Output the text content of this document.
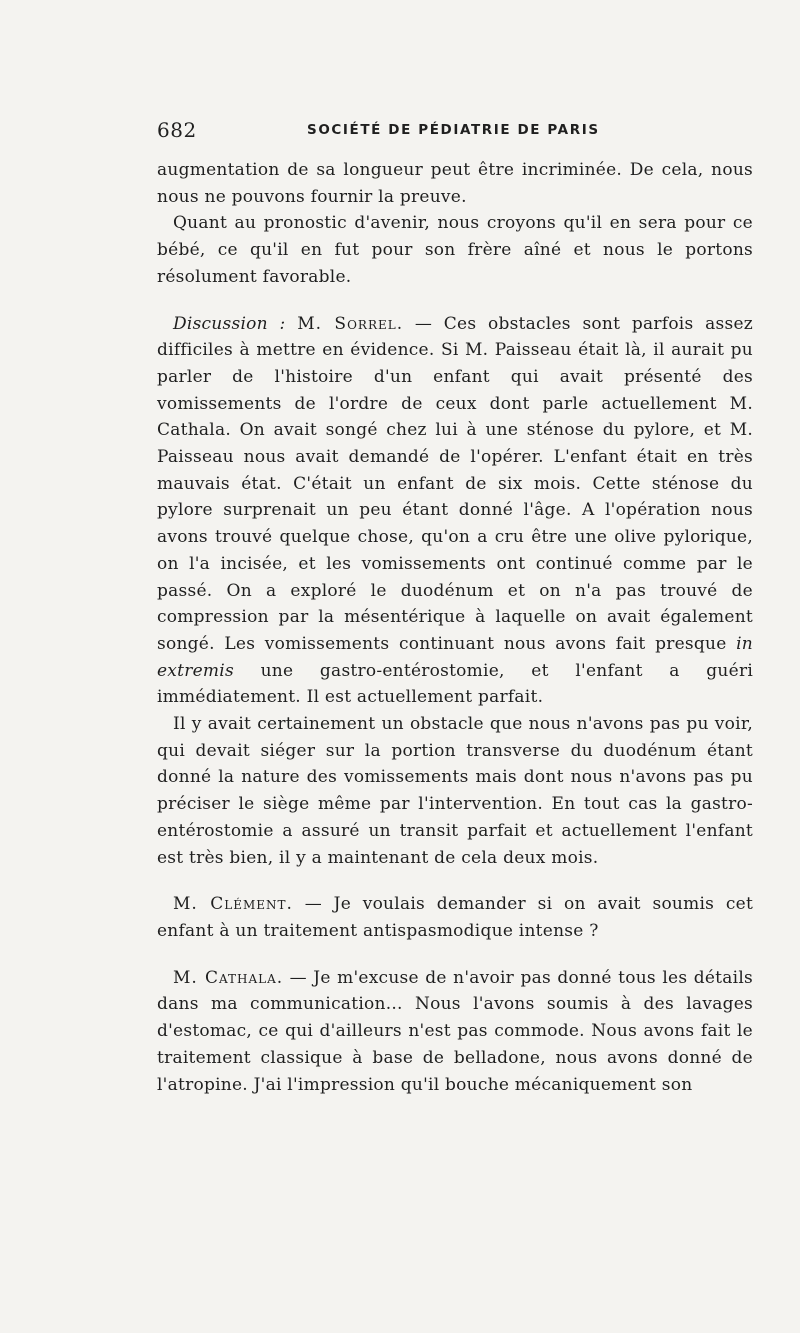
682	SOCIÉTÉ DE PÉDIATRIE DE PARIS

augmentation de sa longueur peut être incriminée. De cela, nous nous ne pouvons fournir la preuve.

Quant au pronostic d'avenir, nous croyons qu'il en sera pour ce bébé, ce qu'il en fut pour son frère aîné et nous le portons résolument favorable.

Discussion : M. Sorrel. — Ces obstacles sont parfois assez difficiles à mettre en évidence. Si M. Paisseau était là, il aurait pu parler de l'histoire d'un enfant qui avait présenté des vomissements de l'ordre de ceux dont parle actuellement M. Cathala. On avait songé chez lui à une sténose du pylore, et M. Paisseau nous avait demandé de l'opérer. L'enfant était en très mauvais état. C'était un enfant de six mois. Cette sténose du pylore surprenait un peu étant donné l'âge. A l'opération nous avons trouvé quelque chose, qu'on a cru être une olive pylorique, on l'a incisée, et les vomissements ont continué comme par le passé. On a exploré le duodénum et on n'a pas trouvé de compression par la mésentérique à laquelle on avait également songé. Les vomissements continuant nous avons fait presque in extremis une gastro-entérostomie, et l'enfant a guéri immédiatement. Il est actuellement parfait.

Il y avait certainement un obstacle que nous n'avons pas pu voir, qui devait siéger sur la portion transverse du duodénum étant donné la nature des vomissements mais dont nous n'avons pas pu préciser le siège même par l'intervention. En tout cas la gastro-entérostomie a assuré un transit parfait et actuellement l'enfant est très bien, il y a maintenant de cela deux mois.

M. Clément. — Je voulais demander si on avait soumis cet enfant à un traitement antispasmodique intense ?

M. Cathala. — Je m'excuse de n'avoir pas donné tous les détails dans ma communication... Nous l'avons soumis à des lavages d'estomac, ce qui d'ailleurs n'est pas commode. Nous avons fait le traitement classique à base de belladone, nous avons donné de l'atropine. J'ai l'impression qu'il bouche mécaniquement son
